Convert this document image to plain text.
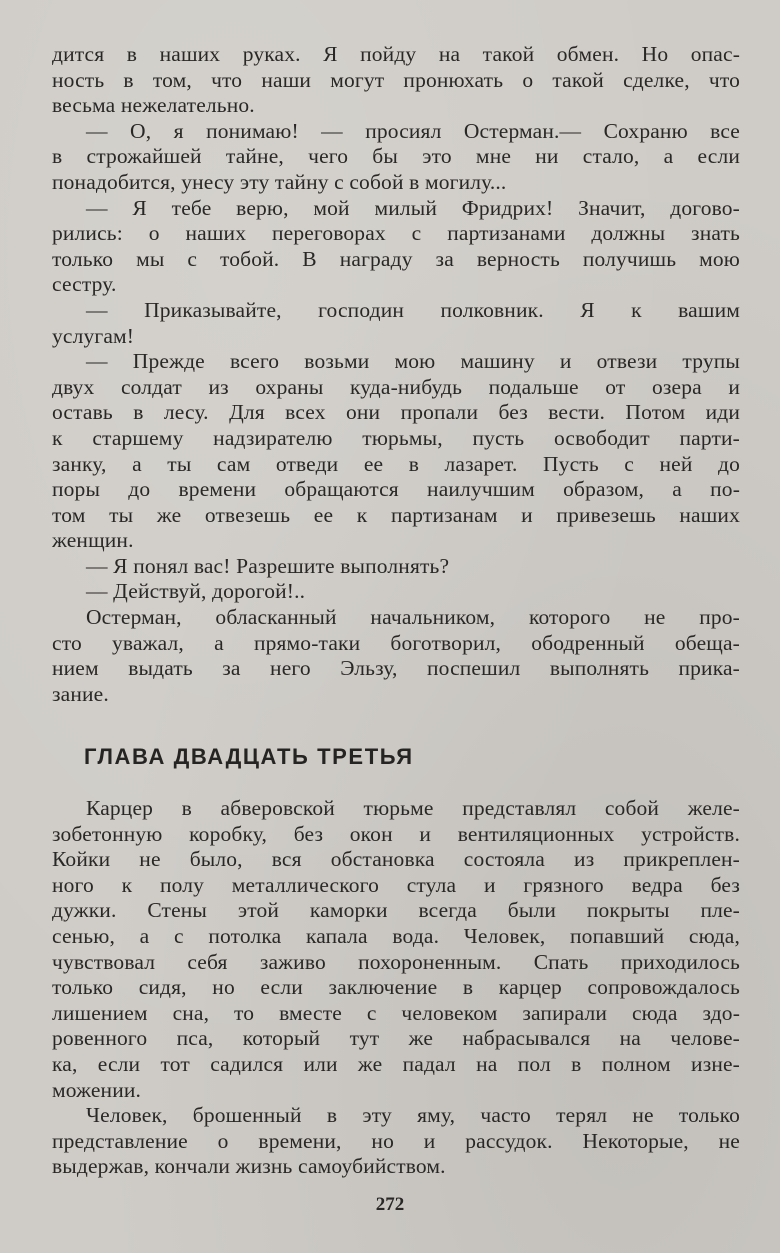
дится в наших руках. Я пойду на такой обмен. Но опас-
ность в том, что наши могут пронюхать о такой сделке, что
весьма нежелательно.
— О, я понимаю! — просиял Остерман.— Сохраню все
в строжайшей тайне, чего бы это мне ни стало, а если
понадобится, унесу эту тайну с собой в могилу...
— Я тебе верю, мой милый Фридрих! Значит, догово-
рились: о наших переговорах с партизанами должны знать
только мы с тобой. В награду за верность получишь мою
сестру.
— Приказывайте, господин полковник. Я к вашим
услугам!
— Прежде всего возьми мою машину и отвези трупы
двух солдат из охраны куда-нибудь подальше от озера и
оставь в лесу. Для всех они пропали без вести. Потом иди
к старшему надзирателю тюрьмы, пусть освободит парти-
занку, а ты сам отведи ее в лазарет. Пусть с ней до
поры до времени обращаются наилучшим образом, а по-
том ты же отвезешь ее к партизанам и привезешь наших
женщин.
— Я понял вас! Разрешите выполнять?
— Действуй, дорогой!..
Остерман, обласканный начальником, которого не про-
сто уважал, а прямо-таки боготворил, ободренный обеща-
нием выдать за него Эльзу, поспешил выполнять прика-
зание.
ГЛАВА ДВАДЦАТЬ ТРЕТЬЯ
Карцер в абверовской тюрьме представлял собой желе-
зобетонную коробку, без окон и вентиляционных устройств.
Койки не было, вся обстановка состояла из прикреплен-
ного к полу металлического стула и грязного ведра без
дужки. Стены этой каморки всегда были покрыты пле-
сенью, а с потолка капала вода. Человек, попавший сюда,
чувствовал себя заживо похороненным. Спать приходилось
только сидя, но если заключение в карцер сопровождалось
лишением сна, то вместе с человеком запирали сюда здо-
ровенного пса, который тут же набрасывался на челове-
ка, если тот садился или же падал на пол в полном изне-
можении.
Человек, брошенный в эту яму, часто терял не только
представление о времени, но и рассудок. Некоторые, не
выдержав, кончали жизнь самоубийством.
272
